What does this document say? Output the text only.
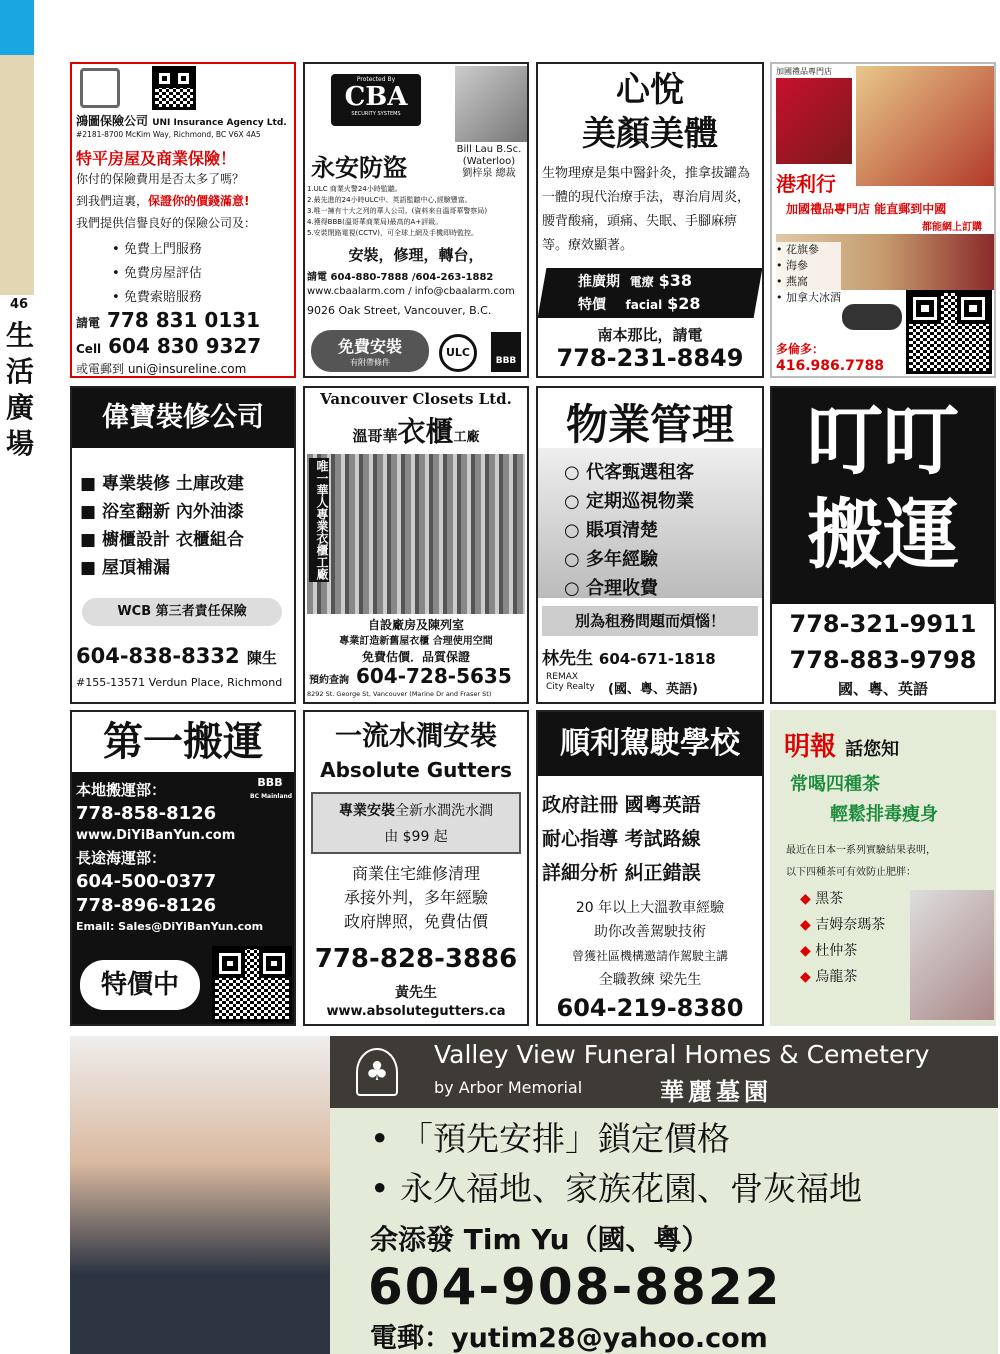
46
生
活
廣
場
鴻圖保險公司 UNI Insurance Agency Ltd.
#2181-8700 McKim Way, Richmond, BC V6X 4A5
特平房屋及商業保險！
你付的保險費用是否太多了嗎？
到我們這裏，保證你的價錢滿意!
我們提供信譽良好的保險公司及：
• 免費上門服務
• 免費房屋評估
• 免費索賠服務
請電 778 831 0131
Cell 604 830 9327
或電郵到 uni@insureline.com
Protected By
CBA
SECURITY SYSTEMS
永安防盜
Bill Lau B.Sc.
(Waterloo)
劉梓泉 總裁
1.ULC 商業火警24小時監聽。
2.最先進的24小時ULC中、英語監聽中心,經驗豐富。
3.唯一擁有十大之列的華人公司。(資料來自溫哥華警察局)
4.獲得BBB(溫哥華商業局)最高的A+評級。
5.安裝閉路電視(CCTV)，可全球上網及手機即時監控。
安裝，修理，轉台，
請電 604-880-7888 /604-263-1882
www.cbaalarm.com / info@cbaalarm.com
9026 Oak Street, Vancouver, B.C.
免費安裝
有附帶條件
ULC
BBB
心悅
美顏美體
生物理療是集中醫針灸，推拿拔罐為一體的現代治療手法，專治肩周炎，腰背酸痛，頭痛、失眠、手腳麻痹等。療效顯著。
推廣期 電療 $38
特價 facial $28
南本那比，請電
778-231-8849
加國禮品專門店
港利行
加國禮品專門店 能直郵到中國
都能網上訂購
• 花旗參
• 海參
• 燕窩
• 加拿大冰酒
多倫多：
416.986.7788
偉寶裝修公司
■ 專業裝修 土庫改建
■ 浴室翻新 內外油漆
■ 櫥櫃設計 衣櫃組合
■ 屋頂補漏
WCB 第三者責任保險
604-838-8332 陳生
#155-13571 Verdun Place, Richmond
Vancouver Closets Ltd.
溫哥華衣櫃工廠
唯一華人專業衣櫃工廠
自設廠房及陳列室
專業訂造新舊屋衣櫃 合理使用空間
免費估價．品質保證
預約查詢 604-728-5635
8292 St. George St, Vancouver (Marine Dr and Fraser St)
物業管理
○ 代客甄選租客
○ 定期巡視物業
○ 賬項清楚
○ 多年經驗
○ 合理收費
別為租務問題而煩惱！
林先生 604-671-1818
REMAX
City Realty (國、粵、英語)
叮叮
搬運
778-321-9911
778-883-9798
國、粵、英語
第一搬運
BBB
BC Mainland
本地搬運部：
778-858-8126
www.DiYiBanYun.com
長途海運部：
604-500-0377
778-896-8126
Email: Sales@DiYiBanYun.com
特價中
一流水澗安裝
Absolute Gutters
專業安裝全新水澗洗水澗
由 $99 起
商業住宅維修清理
承接外判，多年經驗
政府牌照，免費估價
778-828-3886
黃先生
www.absolutegutters.ca
順利駕駛學校
政府註冊 國粵英語
耐心指導 考試路線
詳細分析 糾正錯誤
20 年以上大溫教車經驗
助你改善駕駛技術
曾獲社區機構邀請作駕駛主講
全職教練 梁先生
604-219-8380
明報 話您知
常喝四種茶
輕鬆排毒瘦身
最近在日本一系列實驗結果表明，
以下四種茶可有效防止肥胖：
◆ 黑茶
◆ 吉姆奈瑪茶
◆ 杜仲茶
◆ 烏龍茶
♣
Valley View Funeral Homes & Cemetery
by Arbor Memorial	華麗墓園
• 「預先安排」鎖定價格
• 永久福地、家族花園、骨灰福地
余添發 Tim Yu（國、粵）
604-908-8822
電郵：yutim28@yahoo.com
